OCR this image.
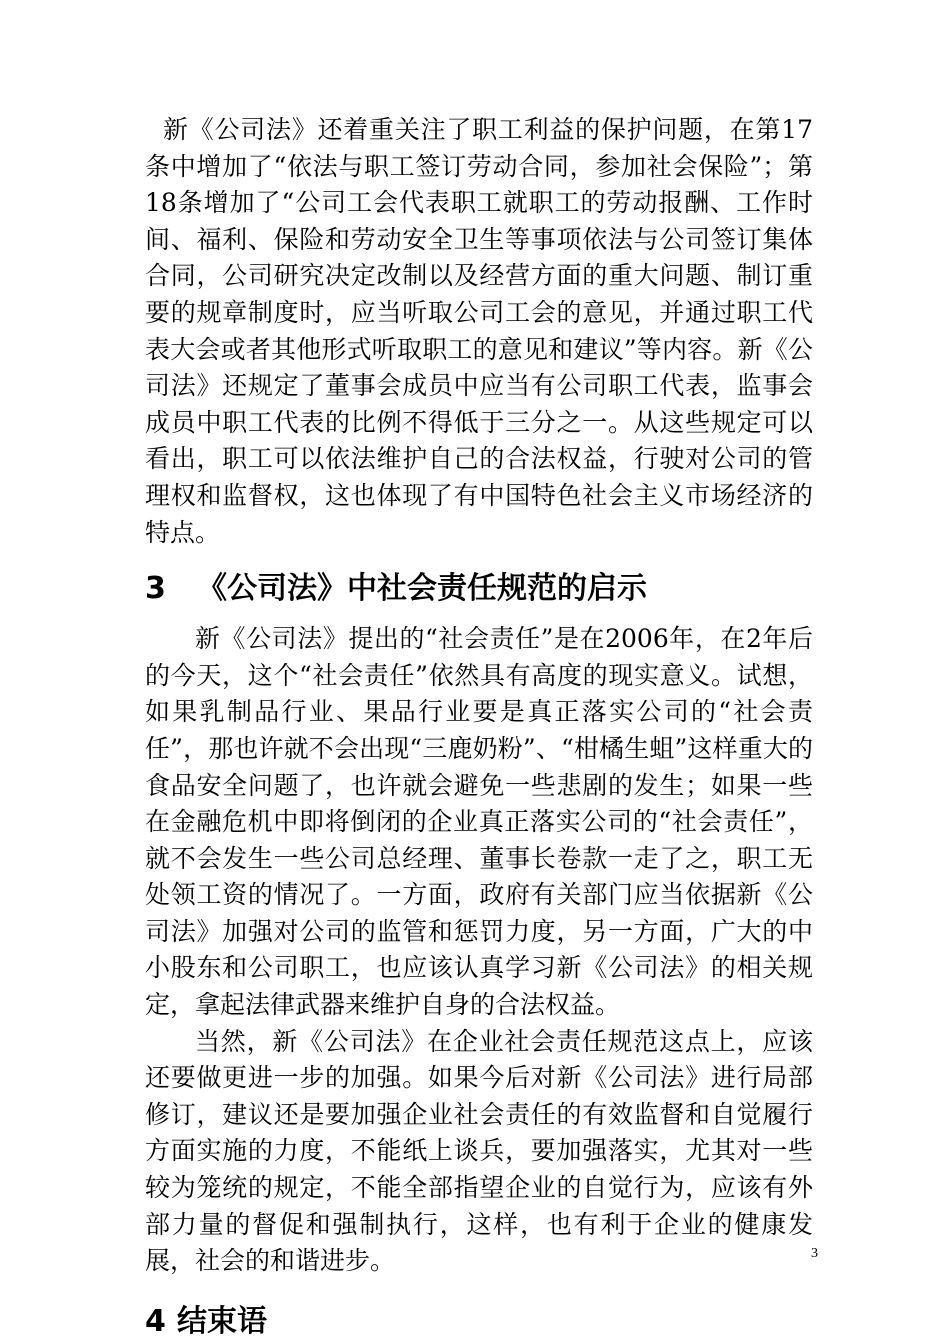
新《公司法》还着重关注了职工利益的保护问题，在第17条中增加了“依法与职工签订劳动合同，参加社会保险”；第18条增加了“公司工会代表职工就职工的劳动报酬、工作时间、福利、保险和劳动安全卫生等事项依法与公司签订集体合同，公司研究决定改制以及经营方面的重大问题、制订重要的规章制度时，应当听取公司工会的意见，并通过职工代表大会或者其他形式听取职工的意见和建议”等内容。新《公司法》还规定了董事会成员中应当有公司职工代表，监事会成员中职工代表的比例不得低于三分之一。从这些规定可以看出，职工可以依法维护自己的合法权益，行驶对公司的管理权和监督权，这也体现了有中国特色社会主义市场经济的特点。

3 《公司法》中社会责任规范的启示

新《公司法》提出的“社会责任”是在2006年，在2年后的今天，这个“社会责任”依然具有高度的现实意义。试想，如果乳制品行业、果品行业要是真正落实公司的“社会责任”，那也许就不会出现“三鹿奶粉”、“柑橘生蛆”这样重大的食品安全问题了，也许就会避免一些悲剧的发生；如果一些在金融危机中即将倒闭的企业真正落实公司的“社会责任”，就不会发生一些公司总经理、董事长卷款一走了之，职工无处领工资的情况了。一方面，政府有关部门应当依据新《公司法》加强对公司的监管和惩罚力度，另一方面，广大的中小股东和公司职工，也应该认真学习新《公司法》的相关规定，拿起法律武器来维护自身的合法权益。

当然，新《公司法》在企业社会责任规范这点上，应该还要做更进一步的加强。如果今后对新《公司法》进行局部修订，建议还是要加强企业社会责任的有效监督和自觉履行方面实施的力度，不能纸上谈兵，要加强落实，尤其对一些较为笼统的规定，不能全部指望企业的自觉行为，应该有外部力量的督促和强制执行，这样，也有利于企业的健康发展，社会的和谐进步。

4 结束语
3
